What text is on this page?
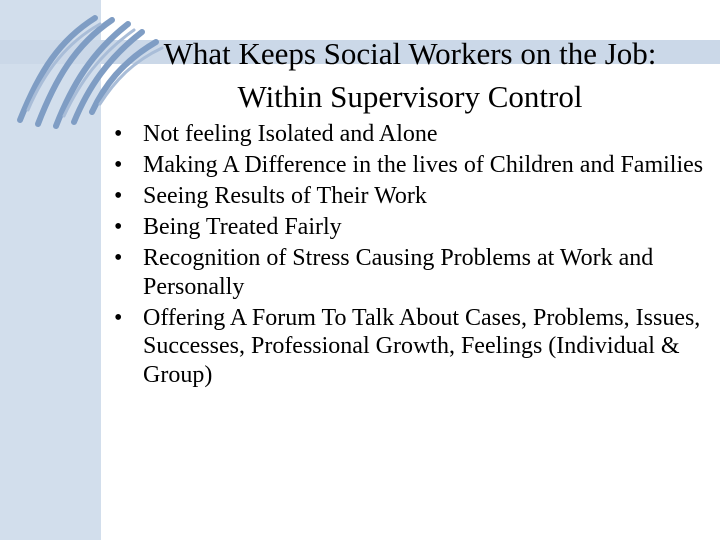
What Keeps Social Workers on the Job:
Within Supervisory Control
• Not feeling Isolated and Alone
• Making A Difference in the lives of Children and Families
• Seeing Results of Their Work
• Being Treated Fairly
• Recognition of Stress Causing Problems at Work and Personally
• Offering A Forum To Talk About Cases, Problems, Issues, Successes, Professional Growth, Feelings (Individual & Group)
